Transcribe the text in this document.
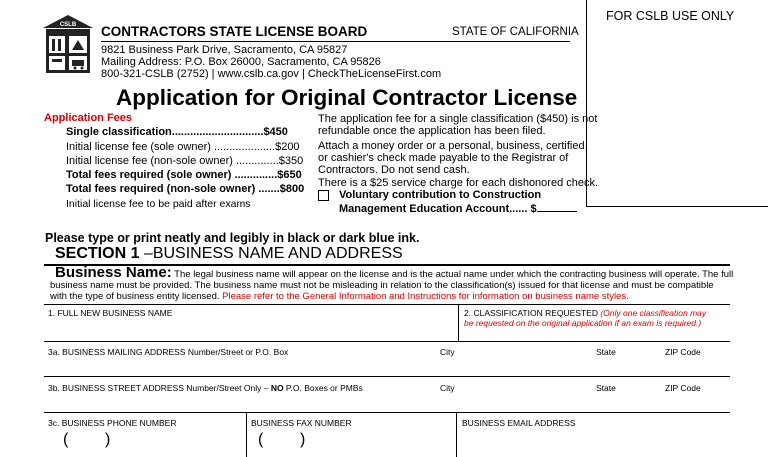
CSLB CONTRACTORS STATE LICENSE BOARD	STATE OF CALIFORNIA
9821 Business Park Drive, Sacramento, CA 95827
Mailing Address: P.O. Box 26000, Sacramento, CA 95826
800-321-CSLB (2752) | www.cslb.ca.gov | CheckTheLicenseFirst.com
FOR CSLB USE ONLY
Application for Original Contractor License
Application Fees
Single classification..............................$450
Initial license fee (sole owner) ....................$200
Initial license fee (non-sole owner) ..............$350
Total fees required (sole owner) ..............$650
Total fees required (non-sole owner) .......$800
Initial license fee to be paid after exams
The application fee for a single classification ($450) is not
refundable once the application has been filed.
Attach a money order or a personal, business, certified,
or cashier's check made payable to the Registrar of
Contractors. Do not send cash.
There is a $25 service charge for each dishonored check.
Voluntary contribution to Construction
Management Education Account...... $
Please type or print neatly and legibly in black or dark blue ink.
SECTION 1 –BUSINESS NAME AND ADDRESS
Business Name: The legal business name will appear on the license and is the actual name under which the contracting business will operate. The full
business name must be provided. The business name must not be misleading in relation to the classification(s) issued for that license and must be compatible
with the type of business entity licensed. Please refer to the General Information and Instructions for information on business name styles.
1. FULL NEW BUSINESS NAME	2. CLASSIFICATION REQUESTED (Only one classification may
be requested on the original application if an exam is required.)
3a. BUSINESS MAILING ADDRESS Number/Street or P.O. Box	City	State	ZIP Code
3b. BUSINESS STREET ADDRESS Number/Street Only – NO P.O. Boxes or PMBs	City	State	ZIP Code
3c. BUSINESS PHONE NUMBER	BUSINESS FAX NUMBER	BUSINESS EMAIL ADDRESS
( )	( )
